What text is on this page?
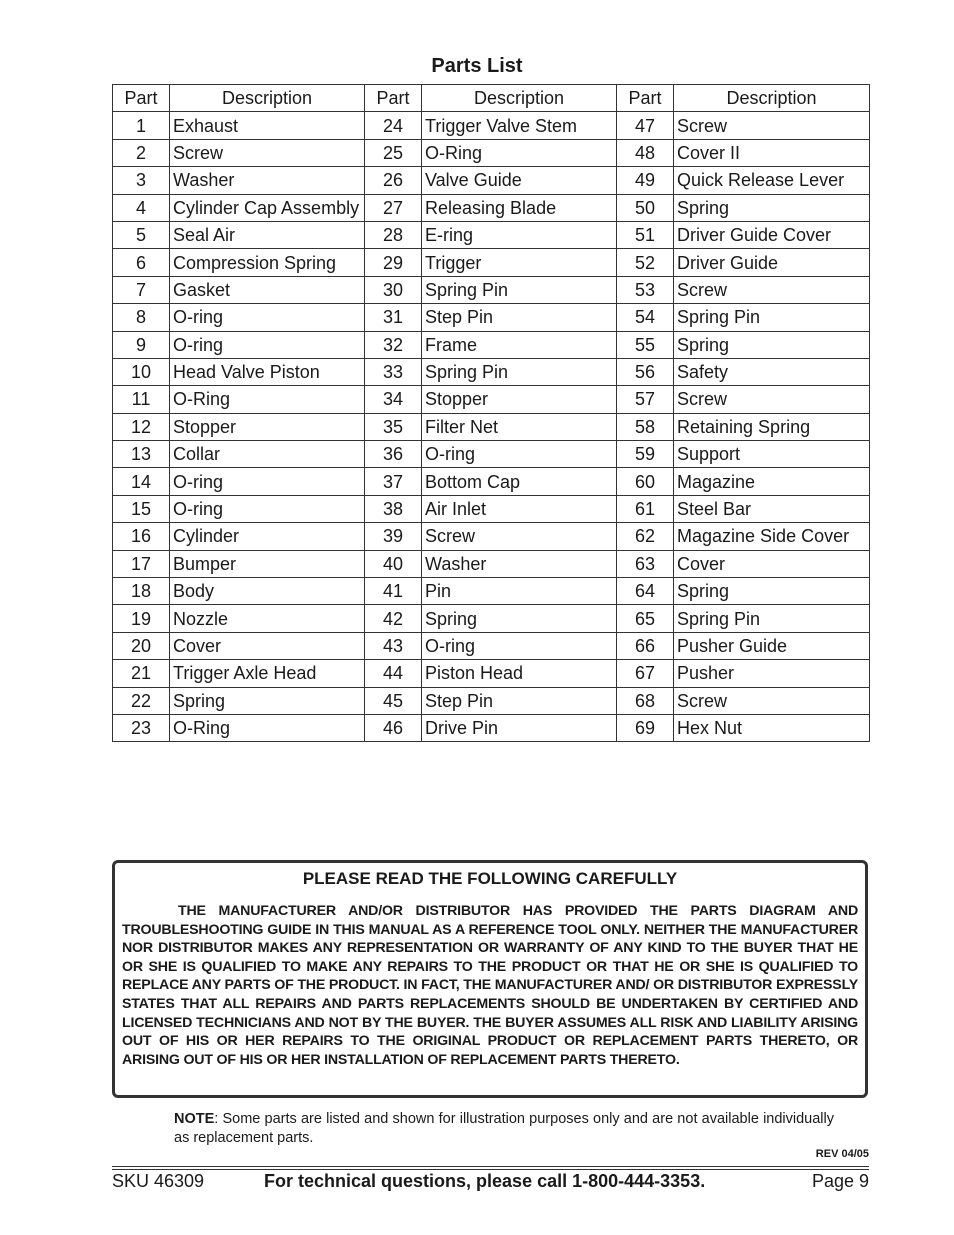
Parts List
Part	Description	Part	Description	Part	Description
1	Exhaust	24	Trigger Valve Stem	47	Screw
2	Screw	25	O-Ring	48	Cover II
3	Washer	26	Valve Guide	49	Quick Release Lever
4	Cylinder Cap Assembly	27	Releasing Blade	50	Spring
5	Seal Air	28	E-ring	51	Driver Guide Cover
6	Compression Spring	29	Trigger	52	Driver Guide
7	Gasket	30	Spring Pin	53	Screw
8	O-ring	31	Step Pin	54	Spring Pin
9	O-ring	32	Frame	55	Spring
10	Head Valve Piston	33	Spring Pin	56	Safety
11	O-Ring	34	Stopper	57	Screw
12	Stopper	35	Filter Net	58	Retaining Spring
13	Collar	36	O-ring	59	Support
14	O-ring	37	Bottom Cap	60	Magazine
15	O-ring	38	Air Inlet	61	Steel Bar
16	Cylinder	39	Screw	62	Magazine Side Cover
17	Bumper	40	Washer	63	Cover
18	Body	41	Pin	64	Spring
19	Nozzle	42	Spring	65	Spring Pin
20	Cover	43	O-ring	66	Pusher Guide
21	Trigger Axle Head	44	Piston Head	67	Pusher
22	Spring	45	Step Pin	68	Screw
23	O-Ring	46	Drive Pin	69	Hex Nut
PLEASE READ THE FOLLOWING CAREFULLY
THE MANUFACTURER AND/OR DISTRIBUTOR HAS PROVIDED THE PARTS DIAGRAM AND TROUBLESHOOTING GUIDE IN THIS MANUAL AS A REFERENCE TOOL ONLY. NEITHER THE MANUFACTURER NOR DISTRIBUTOR MAKES ANY REPRESENTATION OR WARRANTY OF ANY KIND TO THE BUYER THAT HE OR SHE IS QUALIFIED TO MAKE ANY REPAIRS TO THE PRODUCT OR THAT HE OR SHE IS QUALIFIED TO REPLACE ANY PARTS OF THE PRODUCT. IN FACT, THE MANUFACTURER AND/ OR DISTRIBUTOR EXPRESSLY STATES THAT ALL REPAIRS AND PARTS REPLACEMENTS SHOULD BE UNDERTAKEN BY CERTIFIED AND LICENSED TECHNICIANS AND NOT BY THE BUYER. THE BUYER ASSUMES ALL RISK AND LIABILITY ARISING OUT OF HIS OR HER REPAIRS TO THE ORIGINAL PRODUCT OR REPLACEMENT PARTS THERETO, OR ARISING OUT OF HIS OR HER INSTALLATION OF REPLACEMENT PARTS THERETO.
NOTE: Some parts are listed and shown for illustration purposes only and are not available individually as replacement parts.
REV 04/05
SKU 46309	For technical questions, please call 1-800-444-3353.	Page 9
